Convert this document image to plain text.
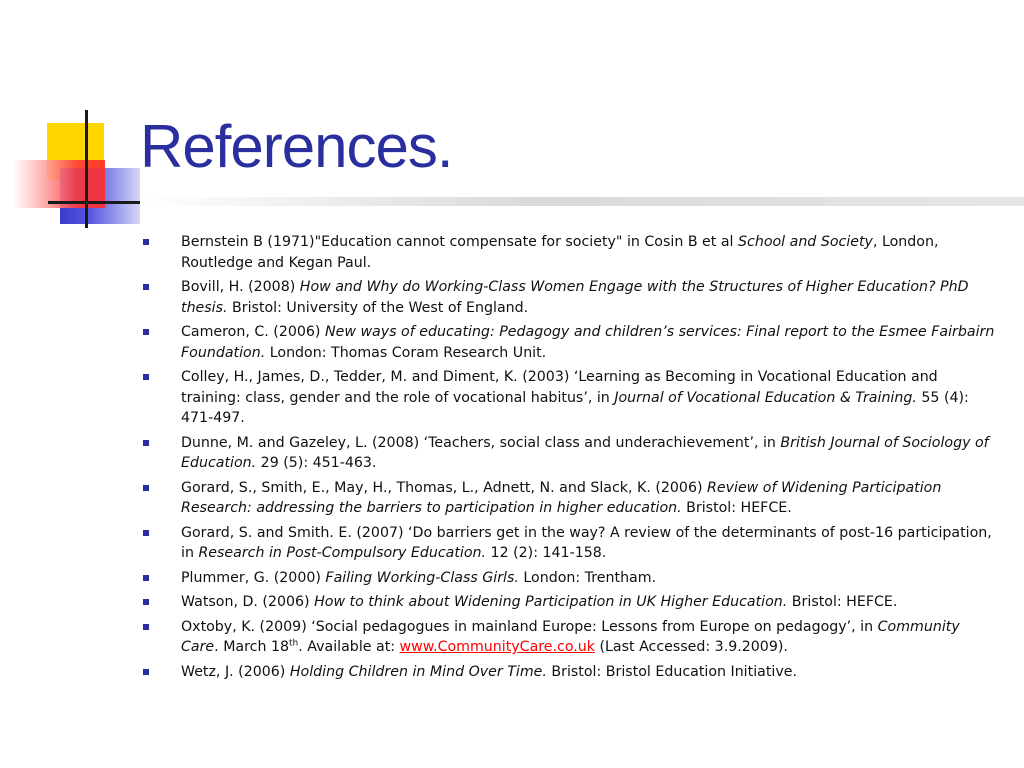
References.
Bernstein B (1971)"Education cannot compensate for society" in Cosin B et al School and Society, London, Routledge and Kegan Paul.
Bovill, H. (2008) How and Why do Working-Class Women Engage with the Structures of Higher Education? PhD thesis. Bristol: University of the West of England.
Cameron, C. (2006) New ways of educating: Pedagogy and children’s services: Final report to the Esmee Fairbairn Foundation. London: Thomas Coram Research Unit.
Colley, H., James, D., Tedder, M. and Diment, K. (2003) ‘Learning as Becoming in Vocational Education and training: class, gender and the role of vocational habitus’, in Journal of Vocational Education & Training. 55 (4): 471-497.
Dunne, M. and Gazeley, L. (2008) ‘Teachers, social class and underachievement’, in British Journal of Sociology of Education. 29 (5): 451-463.
Gorard, S., Smith, E., May, H., Thomas, L., Adnett, N. and Slack, K. (2006) Review of Widening Participation Research: addressing the barriers to participation in higher education. Bristol: HEFCE.
Gorard, S. and Smith. E. (2007) ‘Do barriers get in the way? A review of the determinants of post-16 participation, in Research in Post-Compulsory Education. 12 (2): 141-158.
Plummer, G. (2000) Failing Working-Class Girls. London: Trentham.
Watson, D. (2006) How to think about Widening Participation in UK Higher Education. Bristol: HEFCE.
Oxtoby, K. (2009) ‘Social pedagogues in mainland Europe: Lessons from Europe on pedagogy’, in Community Care. March 18th. Available at: www.CommunityCare.co.uk (Last Accessed: 3.9.2009).
Wetz, J. (2006) Holding Children in Mind Over Time. Bristol: Bristol Education Initiative.
